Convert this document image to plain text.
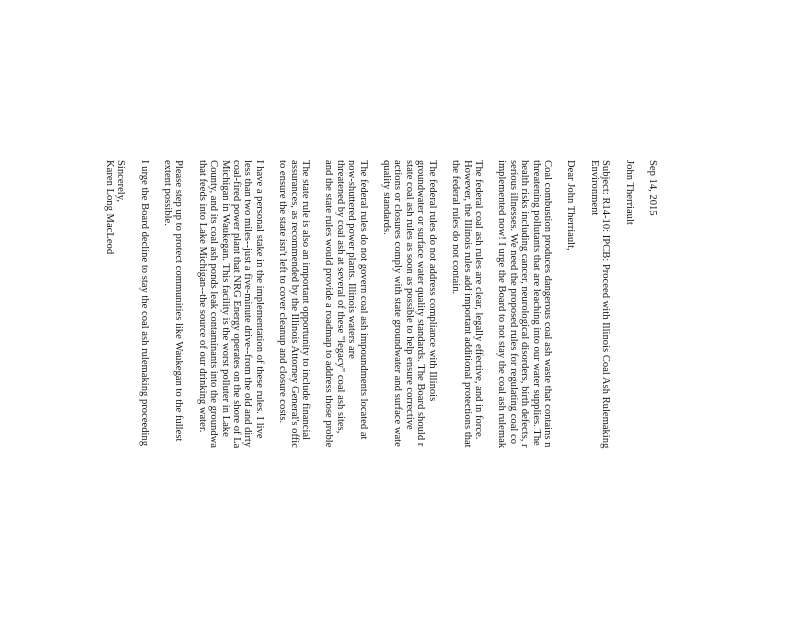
Sep 14, 2015

John Therriault

Subject: R14-10: IPCB: Proceed with Illinois Coal Ash Rulemaking
Environment

Dear John Therriault,

Coal combustion produces dangerous coal ash waste that contains n
threatening pollutants that are leaching into our water supplies. The
health risks including cancer, neurological disorders, birth defects, r
serious illnesses. We need the proposed rules for regulating coal co
implemented now! I urge the Board to not stay the coal ash rulemak

The federal coal ash rules are clear, legally effective, and in force.
However, the Illinois rules add important additional protections that
the federal rules do not contain.

The federal rules do not address compliance with Illinois
groundwater or surface water quality standards. The Board should r
state coal ash rules as soon as possible to help ensure corrective
actions or closures comply with state groundwater and surface wate
quality standards.

The federal rules do not govern coal ash impoundments located at
now-shuttered power plants. Illinois waters are
threatened by coal ash at several of these "legacy" coal ash sites,
and the state rules would provide a roadmap to address those proble

The state rule is also an important opportunity to include financial
assurances, as recommended by the Illinois Attorney General's offic
to ensure the state isn't left to cover cleanup and closure costs.

I have a personal stake in the implementation of these rules. I live
less than two miles--just a five-minute drive--from the old and dirty
coal-fired power plant that NRG Energy operates on the shore of La
Michigan in Waukegan. This facility is the worst polluter in Lake
County, and its coal ash ponds leak contaminants into the groundwa
that feeds into Lake Michigan--the source of our drinking water.

Please step up to protect communities like Waukegan to the fullest
extent possible.

I urge the Board decline to stay the coal ash rulemaking proceeding

Sincerely,

Karen Long MacLeod
